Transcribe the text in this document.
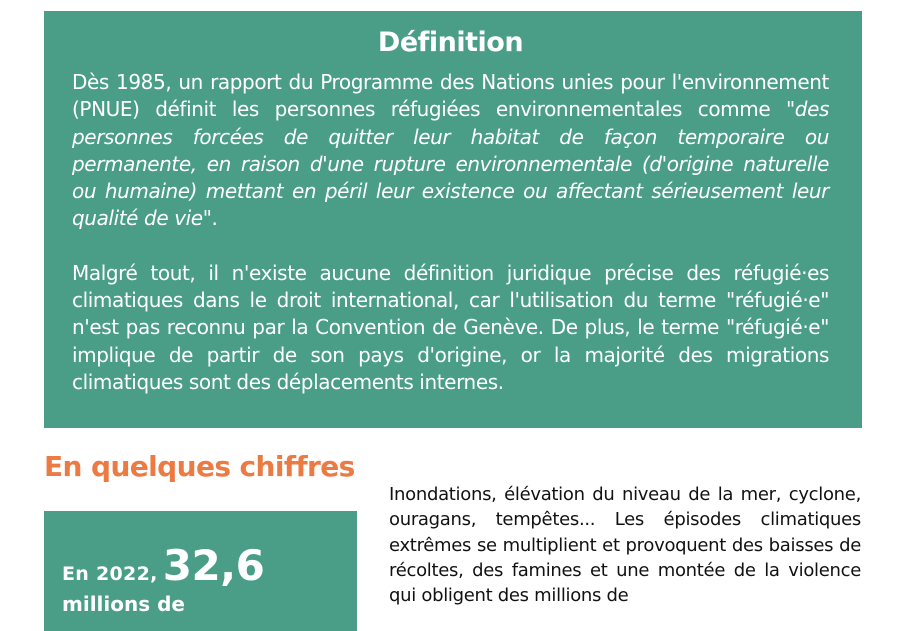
Définition

Dès 1985, un rapport du Programme des Nations unies pour l'environnement (PNUE) définit les personnes réfugiées environnementales comme "des personnes forcées de quitter leur habitat de façon temporaire ou permanente, en raison d'une rupture environnementale (d'origine naturelle ou humaine) mettant en péril leur existence ou affectant sérieusement leur qualité de vie".

Malgré tout, il n'existe aucune définition juridique précise des réfugié·es climatiques dans le droit international, car l'utilisation du terme "réfugié·e" n'est pas reconnu par la Convention de Genève. De plus, le terme "réfugié·e" implique de partir de son pays d'origine, or la majorité des migrations climatiques sont des déplacements internes.

En quelques chiffres
En 2022, 32,6
millions de

Inondations, élévation du niveau de la mer, cyclone, ouragans, tempêtes... Les épisodes climatiques extrêmes se multiplient et provoquent des baisses de récoltes, des famines et une montée de la violence qui obligent des millions de
